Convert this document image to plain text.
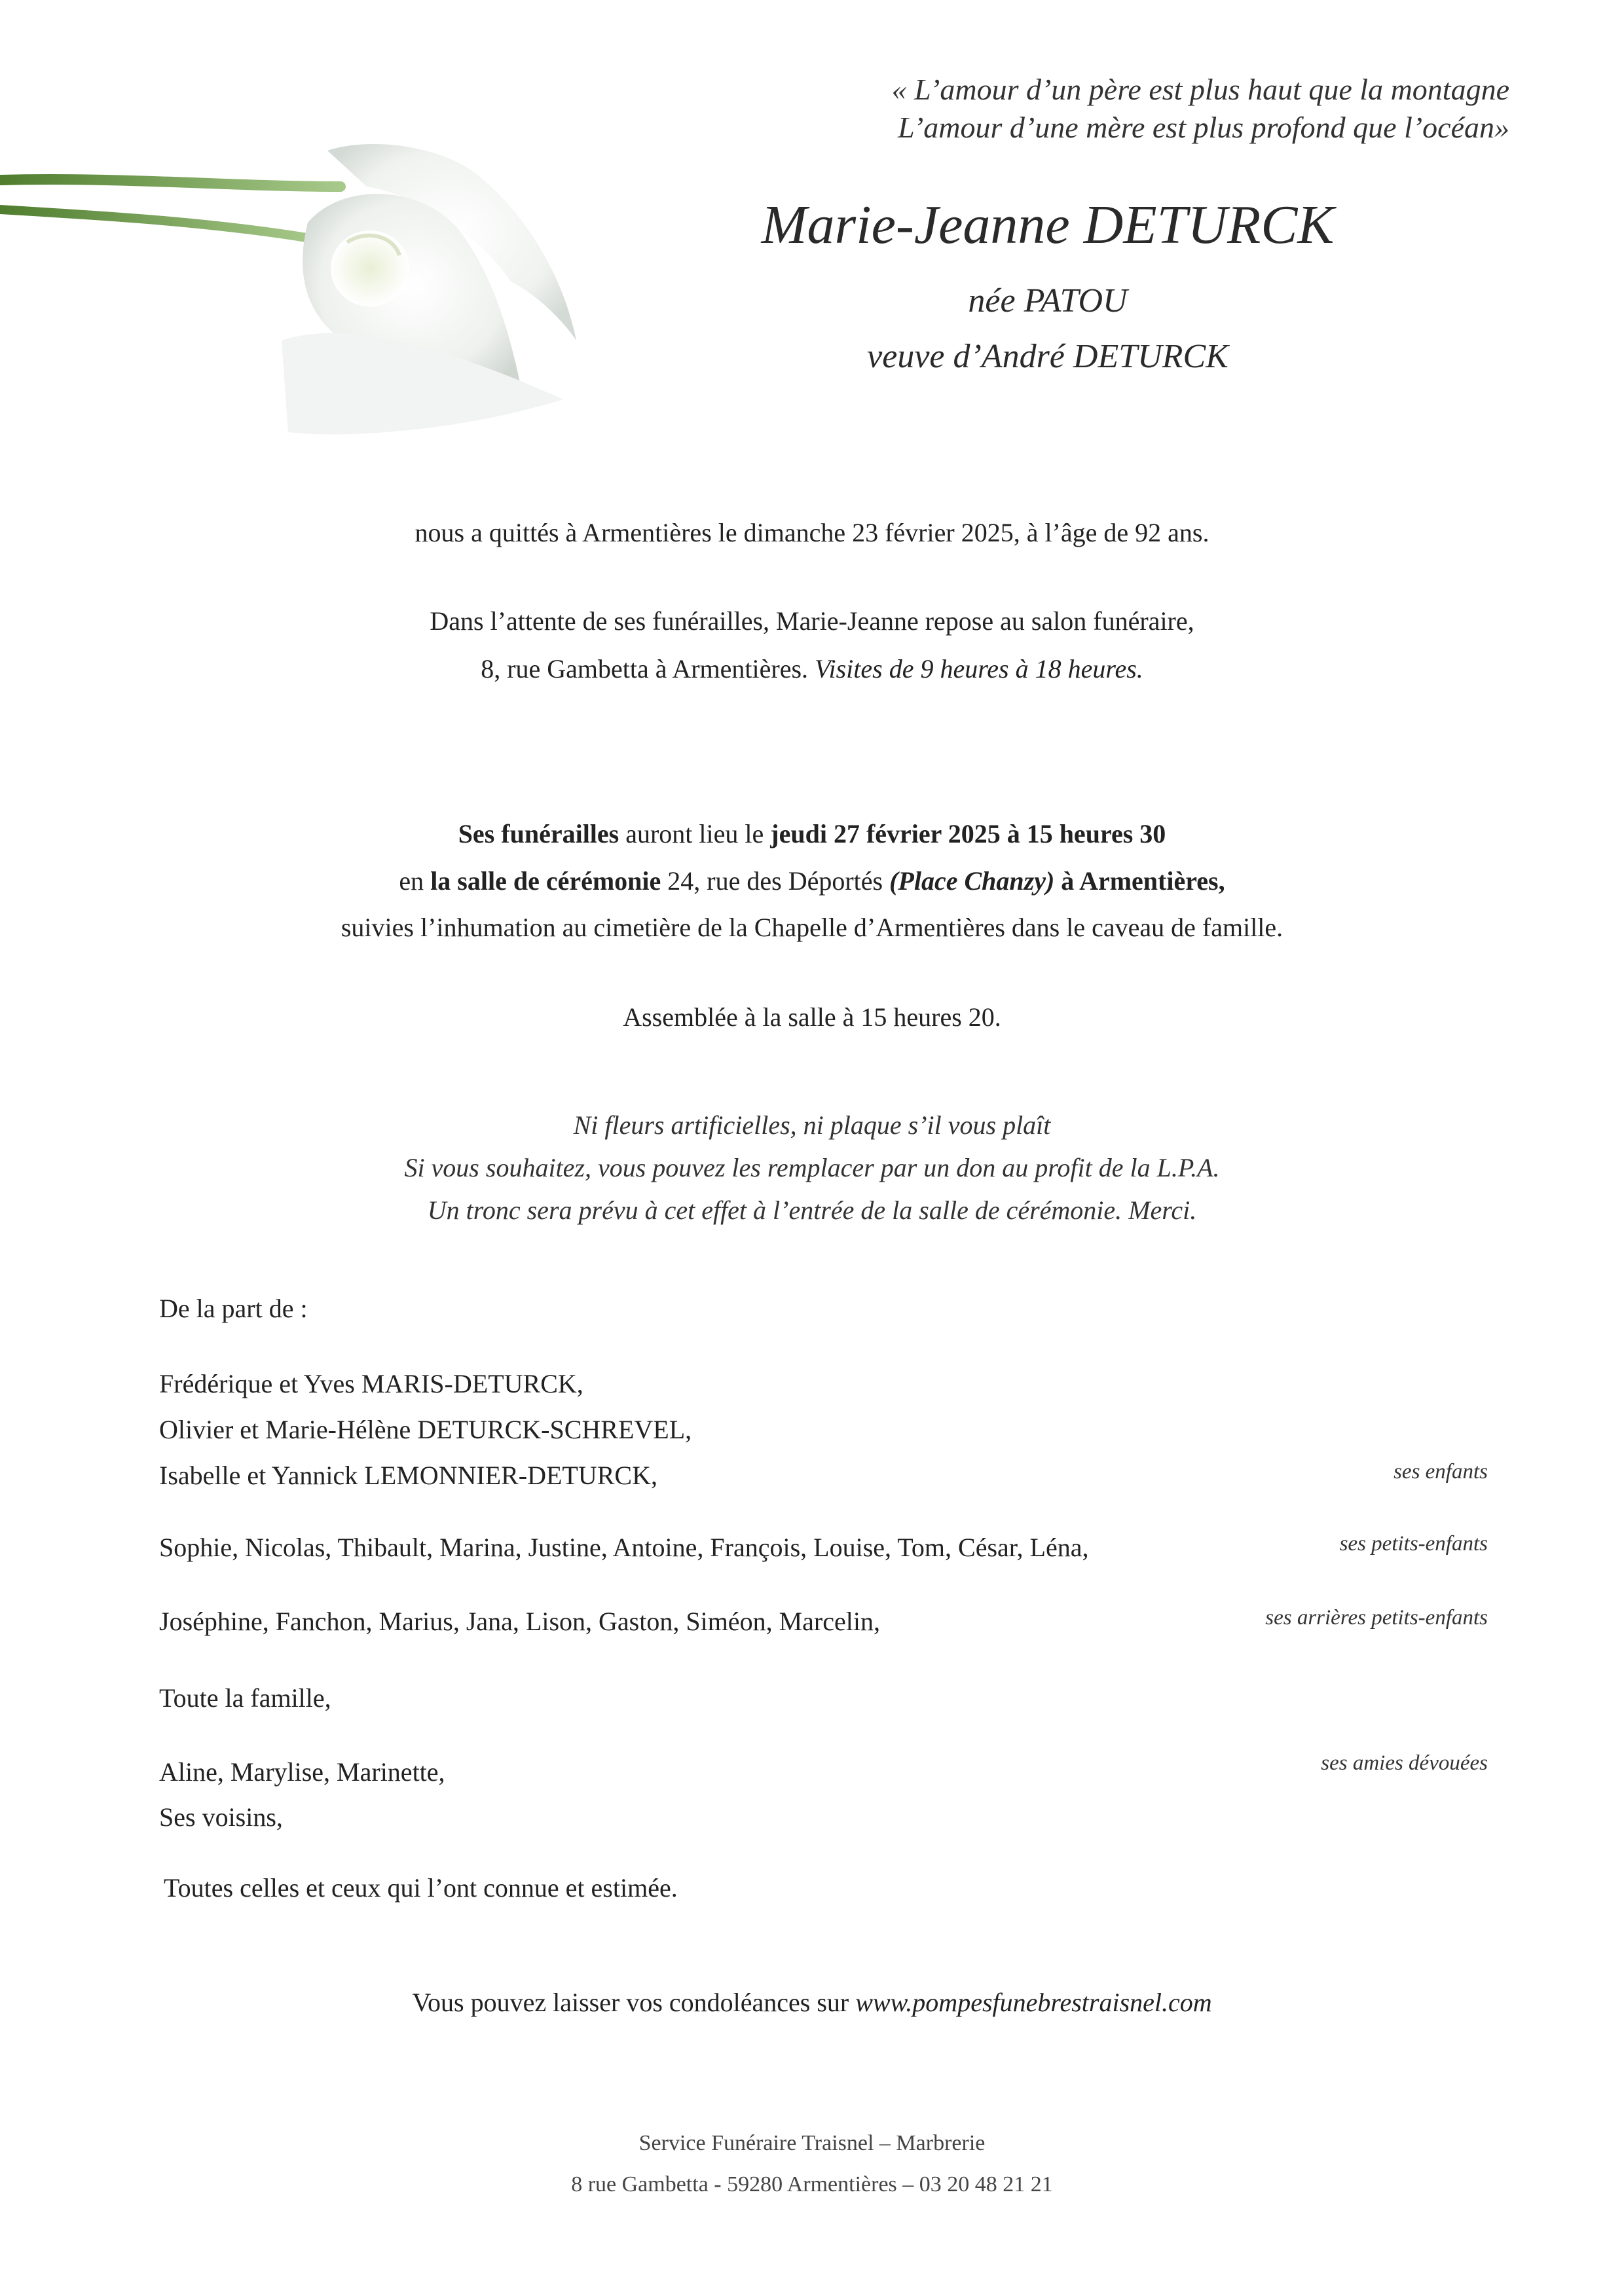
« L’amour d’un père est plus haut que la montagne
L’amour d’une mère est plus profond que l’océan»
Marie-Jeanne DETURCK
née PATOU
veuve d’André DETURCK
nous a quittés à Armentières le dimanche 23 février 2025, à l’âge de 92 ans.
Dans l’attente de ses funérailles, Marie-Jeanne repose au salon funéraire,
8, rue Gambetta à Armentières. Visites de 9 heures à 18 heures.
Ses funérailles auront lieu le jeudi 27 février 2025 à 15 heures 30
en la salle de cérémonie 24, rue des Déportés (Place Chanzy) à Armentières,
suivies l’inhumation au cimetière de la Chapelle d’Armentières dans le caveau de famille.
Assemblée à la salle à 15 heures 20.
Ni fleurs artificielles, ni plaque s’il vous plaît
Si vous souhaitez, vous pouvez les remplacer par un don au profit de la L.P.A.
Un tronc sera prévu à cet effet à l’entrée de la salle de cérémonie. Merci.
De la part de :
Frédérique et Yves MARIS-DETURCK,
Olivier et Marie-Hélène DETURCK-SCHREVEL,
Isabelle et Yannick LEMONNIER-DETURCK,	ses enfants
Sophie, Nicolas, Thibault, Marina, Justine, Antoine, François, Louise, Tom, César, Léna,	ses petits-enfants
Joséphine, Fanchon, Marius, Jana, Lison, Gaston, Siméon, Marcelin,	ses arrières petits-enfants
Toute la famille,
Aline, Marylise, Marinette,	ses amies dévouées
Ses voisins,
Toutes celles et ceux qui l’ont connue et estimée.
Vous pouvez laisser vos condoléances sur www.pompesfunebrestraisnel.com
Service Funéraire Traisnel – Marbrerie
8 rue Gambetta - 59280 Armentières – 03 20 48 21 21
